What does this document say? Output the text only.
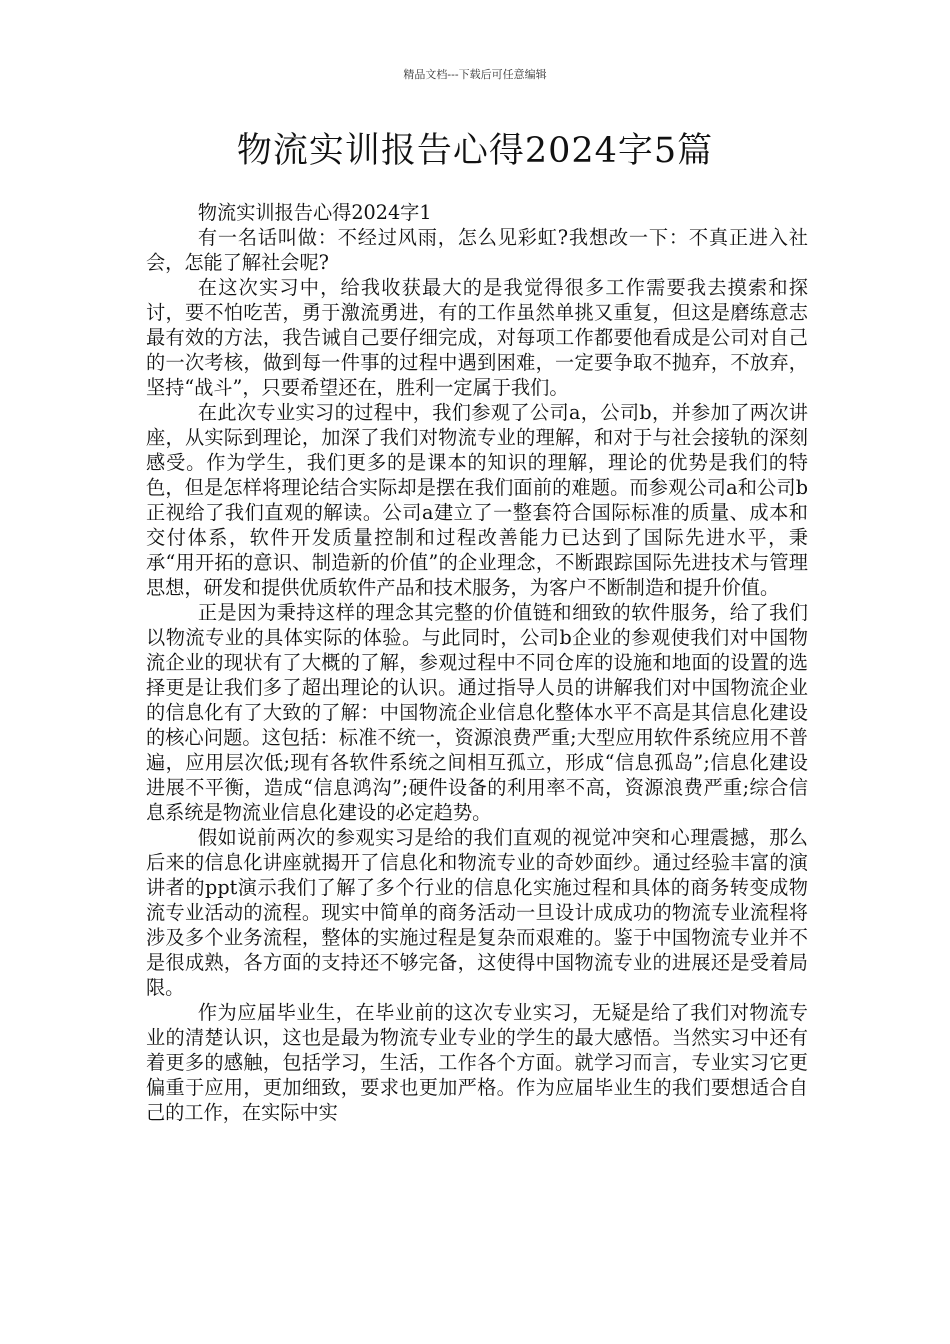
精品文档---下载后可任意编辑
物流实训报告心得2024字5篇

物流实训报告心得2024字1

有一名话叫做：不经过风雨，怎么见彩虹?我想改一下：不真正进入社会，怎能了解社会呢?

在这次实习中，给我收获最大的是我觉得很多工作需要我去摸索和探讨，要不怕吃苦，勇于激流勇进，有的工作虽然单挑又重复，但这是磨练意志最有效的方法，我告诫自己要仔细完成，对每项工作都要他看成是公司对自己的一次考核，做到每一件事的过程中遇到困难，一定要争取不抛弃，不放弃，坚持“战斗”，只要希望还在，胜利一定属于我们。

在此次专业实习的过程中，我们参观了公司a，公司b，并参加了两次讲座，从实际到理论，加深了我们对物流专业的理解，和对于与社会接轨的深刻感受。作为学生，我们更多的是课本的知识的理解，理论的优势是我们的特色，但是怎样将理论结合实际却是摆在我们面前的难题。而参观公司a和公司b正视给了我们直观的解读。公司a建立了一整套符合国际标准的质量、成本和交付体系，软件开发质量控制和过程改善能力已达到了国际先进水平，秉承“用开拓的意识、制造新的价值”的企业理念，不断跟踪国际先进技术与管理思想，研发和提供优质软件产品和技术服务，为客户不断制造和提升价值。

正是因为秉持这样的理念其完整的价值链和细致的软件服务，给了我们以物流专业的具体实际的体验。与此同时，公司b企业的参观使我们对中国物流企业的现状有了大概的了解，参观过程中不同仓库的设施和地面的设置的选择更是让我们多了超出理论的认识。通过指导人员的讲解我们对中国物流企业的信息化有了大致的了解：中国物流企业信息化整体水平不高是其信息化建设的核心问题。这包括：标准不统一，资源浪费严重;大型应用软件系统应用不普遍，应用层次低;现有各软件系统之间相互孤立，形成“信息孤岛”;信息化建设进展不平衡，造成“信息鸿沟”;硬件设备的利用率不高，资源浪费严重;综合信息系统是物流业信息化建设的必定趋势。

假如说前两次的参观实习是给的我们直观的视觉冲突和心理震撼，那么后来的信息化讲座就揭开了信息化和物流专业的奇妙面纱。通过经验丰富的演讲者的ppt演示我们了解了多个行业的信息化实施过程和具体的商务转变成物流专业活动的流程。现实中简单的商务活动一旦设计成成功的物流专业流程将涉及多个业务流程，整体的实施过程是复杂而艰难的。鉴于中国物流专业并不是很成熟，各方面的支持还不够完备，这使得中国物流专业的进展还是受着局限。

作为应届毕业生，在毕业前的这次专业实习，无疑是给了我们对物流专业的清楚认识，这也是最为物流专业专业的学生的最大感悟。当然实习中还有着更多的感触，包括学习，生活，工作各个方面。就学习而言，专业实习它更偏重于应用，更加细致，要求也更加严格。作为应届毕业生的我们要想适合自己的工作，在实际中实
